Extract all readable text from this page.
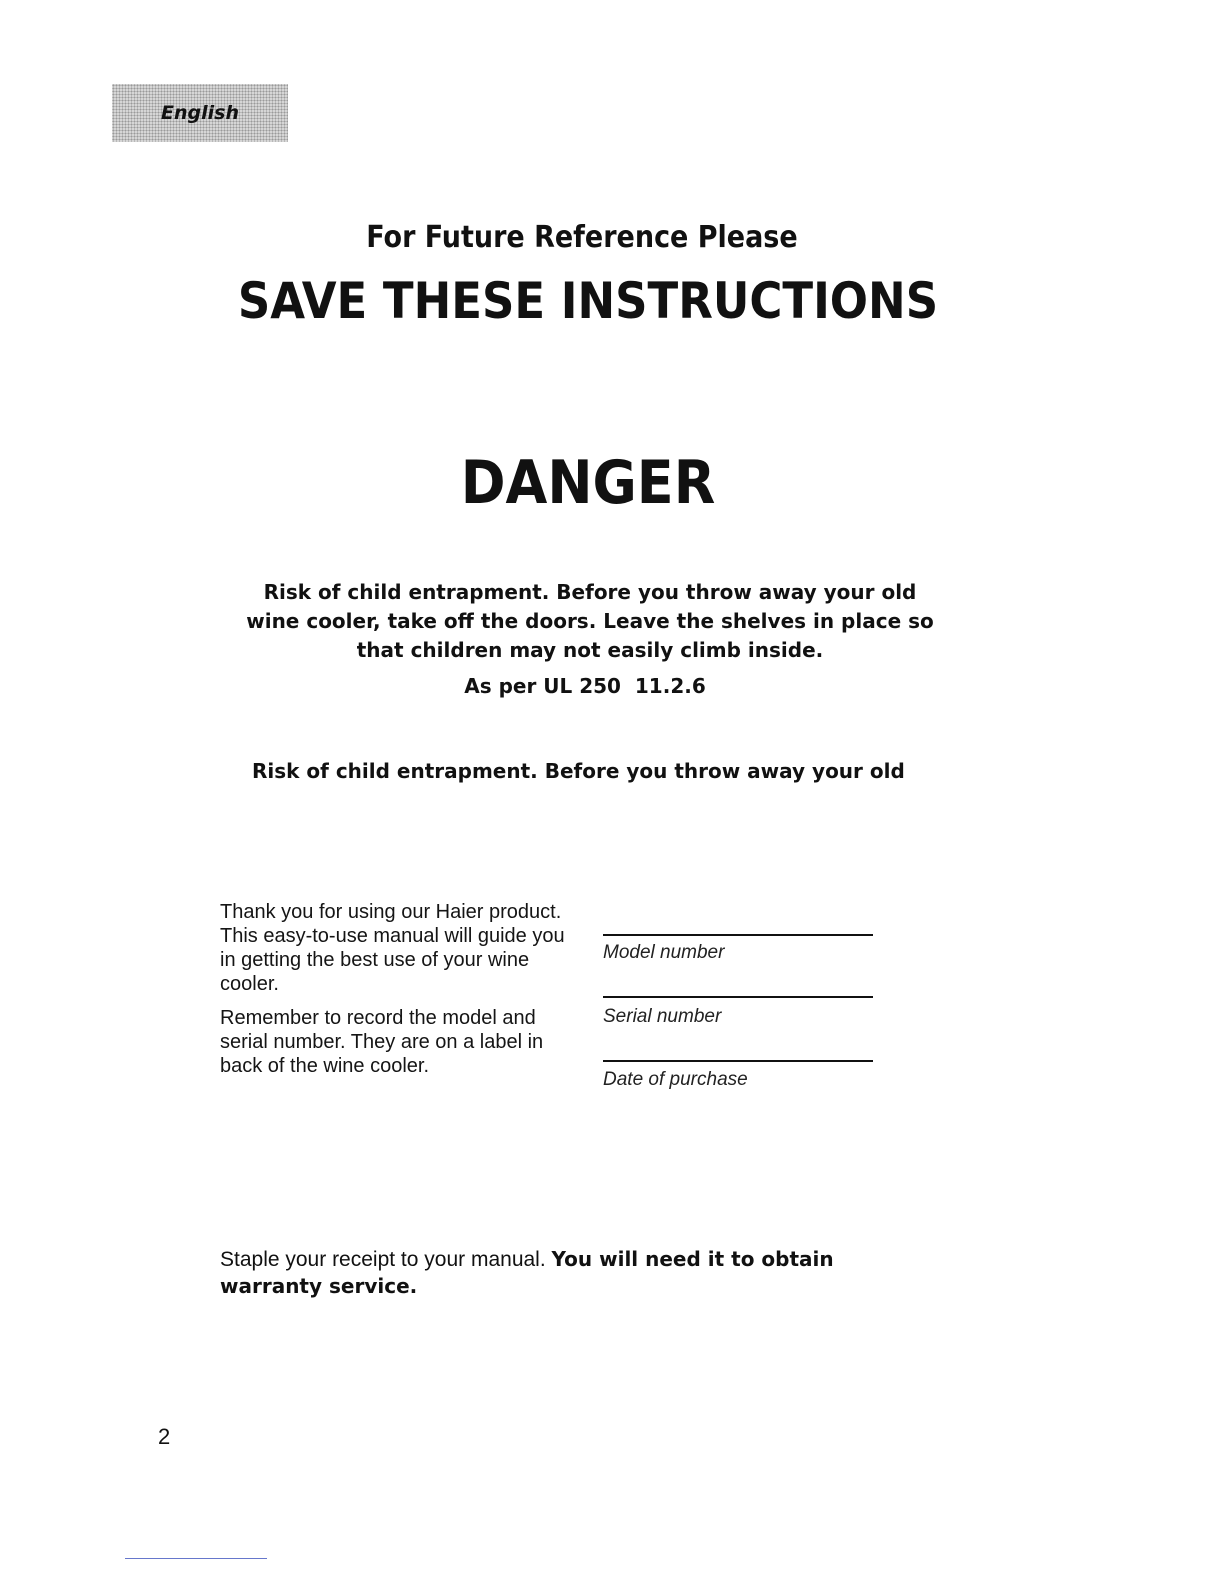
English
For Future Reference Please
SAVE THESE INSTRUCTIONS
DANGER
Risk of child entrapment. Before you throw away your old
wine cooler, take off the doors. Leave the shelves in place so
that children may not easily climb inside.
As per UL 250  11.2.6
Risk of child entrapment. Before you throw away your old

Thank you for using our Haier product. This easy-to-use manual will guide you in getting the best use of your wine cooler.

Remember to record the model and serial number. They are on a label in back of the wine cooler.

Model number
Serial number
Date of purchase
Staple your receipt to your manual. You will need it to obtain warranty service.
2
